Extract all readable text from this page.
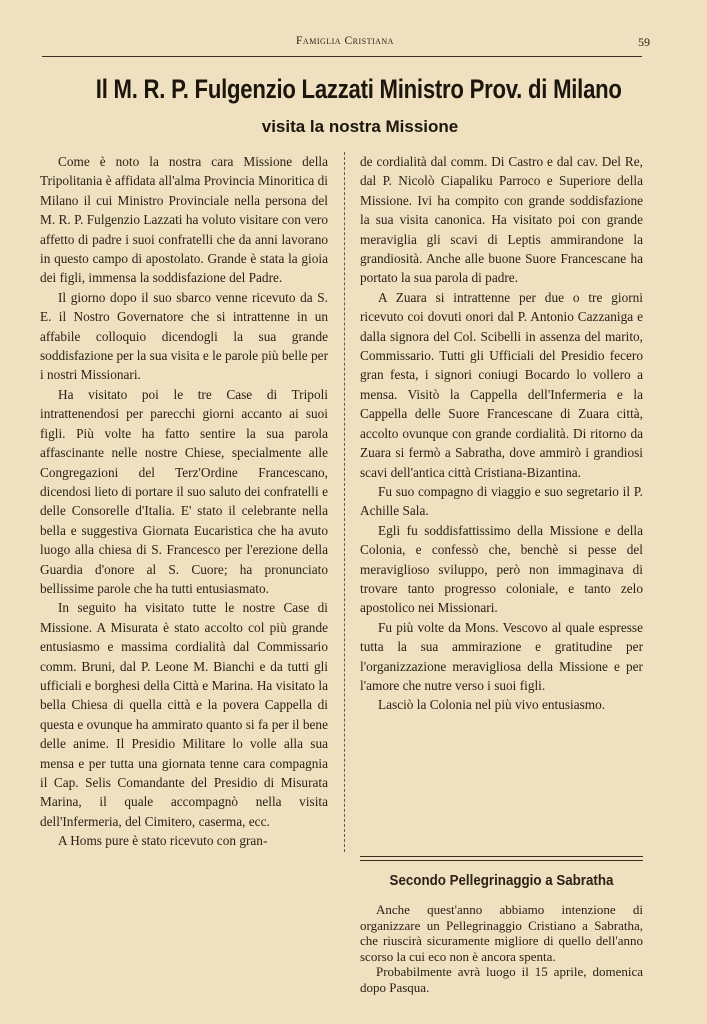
Famiglia Cristiana	59
Il M. R. P. Fulgenzio Lazzati Ministro Prov. di Milano
visita la nostra Missione

Come è noto la nostra cara Missione della Tripolitania è affidata all'alma Provincia Minoritica di Milano il cui Ministro Provinciale nella persona del M. R. P. Fulgenzio Lazzati ha voluto visitare con vero affetto di padre i suoi confratelli che da anni lavorano in questo campo di apostolato. Grande è stata la gioia dei figli, immensa la soddisfazione del Padre.

Il giorno dopo il suo sbarco venne ricevuto da S. E. il Nostro Governatore che si intrattenne in un affabile colloquio dicendogli la sua grande soddisfazione per la sua visita e le parole più belle per i nostri Missionari.

Ha visitato poi le tre Case di Tripoli intrattenendosi per parecchi giorni accanto ai suoi figli. Più volte ha fatto sentire la sua parola affascinante nelle nostre Chiese, specialmente alle Congregazioni del Terz'Ordine Francescano, dicendosi lieto di portare il suo saluto dei confratelli e delle Consorelle d'Italia. E' stato il celebrante nella bella e suggestiva Giornata Eucaristica che ha avuto luogo alla chiesa di S. Francesco per l'erezione della Guardia d'onore al S. Cuore; ha pronunciato bellissime parole che ha tutti entusiasmato.

In seguito ha visitato tutte le nostre Case di Missione. A Misurata è stato accolto col più grande entusiasmo e massima cordialità dal Commissario comm. Bruni, dal P. Leone M. Bianchi e da tutti gli ufficiali e borghesi della Città e Marina. Ha visitato la bella Chiesa di quella città e la povera Cappella di questa e ovunque ha ammirato quanto si fa per il bene delle anime. Il Presidio Militare lo volle alla sua mensa e per tutta una giornata tenne cara compagnia il Cap. Selis Comandante del Presidio di Misurata Marina, il quale accompagnò nella visita dell'Infermeria, del Cimitero, caserma, ecc.

A Homs pure è stato ricevuto con gran-

de cordialità dal comm. Di Castro e dal cav. Del Re, dal P. Nicolò Ciapaliku Parroco e Superiore della Missione. Ivi ha compito con grande soddisfazione la sua visita canonica. Ha visitato poi con grande meraviglia gli scavi di Leptis ammirandone la grandiosità. Anche alle buone Suore Francescane ha portato la sua parola di padre.

A Zuara si intrattenne per due o tre giorni ricevuto coi dovuti onori dal P. Antonio Cazzaniga e dalla signora del Col. Scibelli in assenza del marito, Commissario. Tutti gli Ufficiali del Presidio fecero gran festa, i signori coniugi Bocardo lo vollero a mensa. Visitò la Cappella dell'Infermeria e la Cappella delle Suore Francescane di Zuara città, accolto ovunque con grande cordialità. Di ritorno da Zuara si fermò a Sabratha, dove ammirò i grandiosi scavi dell'antica città Cristiana-Bizantina.

Fu suo compagno di viaggio e suo segretario il P. Achille Sala.

Egli fu soddisfattissimo della Missione e della Colonia, e confessò che, benchè si pesse del meraviglioso sviluppo, però non immaginava di trovare tanto progresso coloniale, e tanto zelo apostolico nei Missionari.

Fu più volte da Mons. Vescovo al quale espresse tutta la sua ammirazione e gratitudine per l'organizzazione meravigliosa della Missione e per l'amore che nutre verso i suoi figli.

Lasciò la Colonia nel più vivo entusiasmo.

Secondo Pellegrinaggio a Sabratha

Anche quest'anno abbiamo intenzione di organizzare un Pellegrinaggio Cristiano a Sabratha, che riuscirà sicuramente migliore di quello dell'anno scorso la cui eco non è ancora spenta.

Probabilmente avrà luogo il 15 aprile, domenica dopo Pasqua.
